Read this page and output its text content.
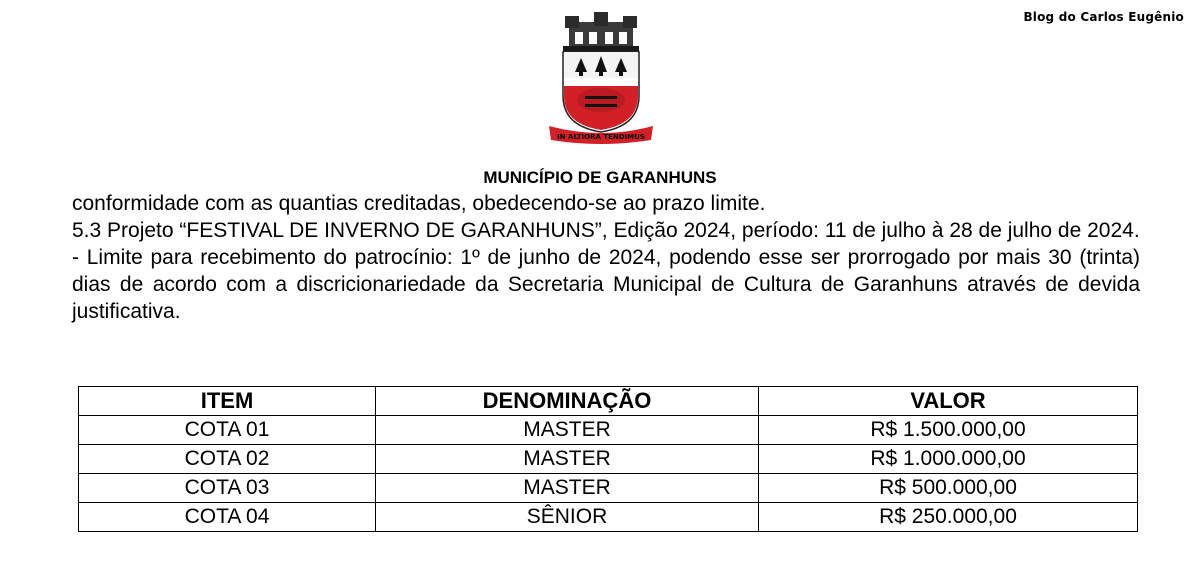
Blog do Carlos Eugênio
IN ALTIORA TENDIMUS
MUNICÍPIO DE GARANHUNS

conformidade com as quantias creditadas, obedecendo-se ao prazo limite.

5.3 Projeto “FESTIVAL DE INVERNO DE GARANHUNS”, Edição 2024, período: 11 de julho à 28 de julho de 2024.

- Limite para recebimento do patrocínio: 1º de junho de 2024, podendo esse ser prorrogado por mais 30 (trinta) dias de acordo com a discricionariedade da Secretaria Municipal de Cultura de Garanhuns através de devida justificativa.

ITEM	DENOMINAÇÃO	VALOR
COTA 01	MASTER	R$ 1.500.000,00
COTA 02	MASTER	R$ 1.000.000,00
COTA 03	MASTER	R$ 500.000,00
COTA 04	SÊNIOR	R$ 250.000,00
